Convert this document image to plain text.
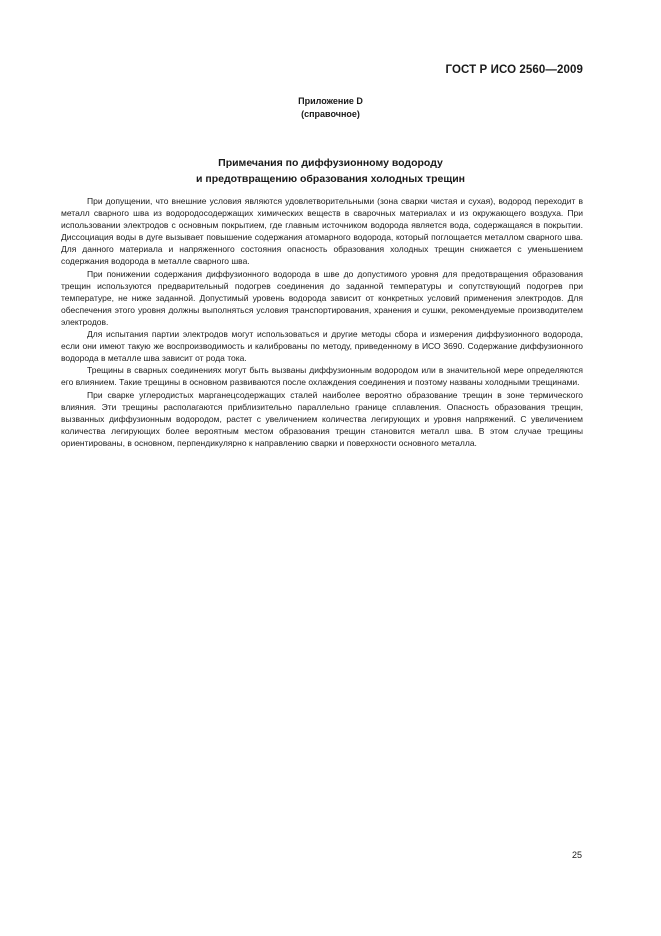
ГОСТ Р ИСО 2560—2009
Приложение D
(справочное)
Примечания по диффузионному водороду
и предотвращению образования холодных трещин

При допущении, что внешние условия являются удовлетворительными (зона сварки чистая и сухая), водород переходит в металл сварного шва из водородосодержащих химических веществ в сварочных материалах и из окружающего воздуха. При использовании электродов с основным покрытием, где главным источником водорода является вода, содержащаяся в покрытии. Диссоциация воды в дуге вызывает повышение содержания атомарного водорода, который поглощается металлом сварного шва. Для данного материала и напряженного состояния опасность образования холодных трещин снижается с уменьшением содержания водорода в металле сварного шва.

При понижении содержания диффузионного водорода в шве до допустимого уровня для предотвращения образования трещин используются предварительный подогрев соединения до заданной температуры и сопутствующий подогрев при температуре, не ниже заданной. Допустимый уровень водорода зависит от конкретных условий применения электродов. Для обеспечения этого уровня должны выполняться условия транспортирования, хранения и сушки, рекомендуемые производителем электродов.

Для испытания партии электродов могут использоваться и другие методы сбора и измерения диффузионного водорода, если они имеют такую же воспроизводимость и калиброваны по методу, приведенному в ИСО 3690. Содержание диффузионного водорода в металле шва зависит от рода тока.

Трещины в сварных соединениях могут быть вызваны диффузионным водородом или в значительной мере определяются его влиянием. Такие трещины в основном развиваются после охлаждения соединения и поэтому названы холодными трещинами.

При сварке углеродистых марганецсодержащих сталей наиболее вероятно образование трещин в зоне термического влияния. Эти трещины располагаются приблизительно параллельно границе сплавления. Опасность образования трещин, вызванных диффузионным водородом, растет с увеличением количества легирующих и уровня напряжений. С увеличением количества легирующих более вероятным местом образования трещин становится металл шва. В этом случае трещины ориентированы, в основном, перпендикулярно к направлению сварки и поверхности основного металла.

25
